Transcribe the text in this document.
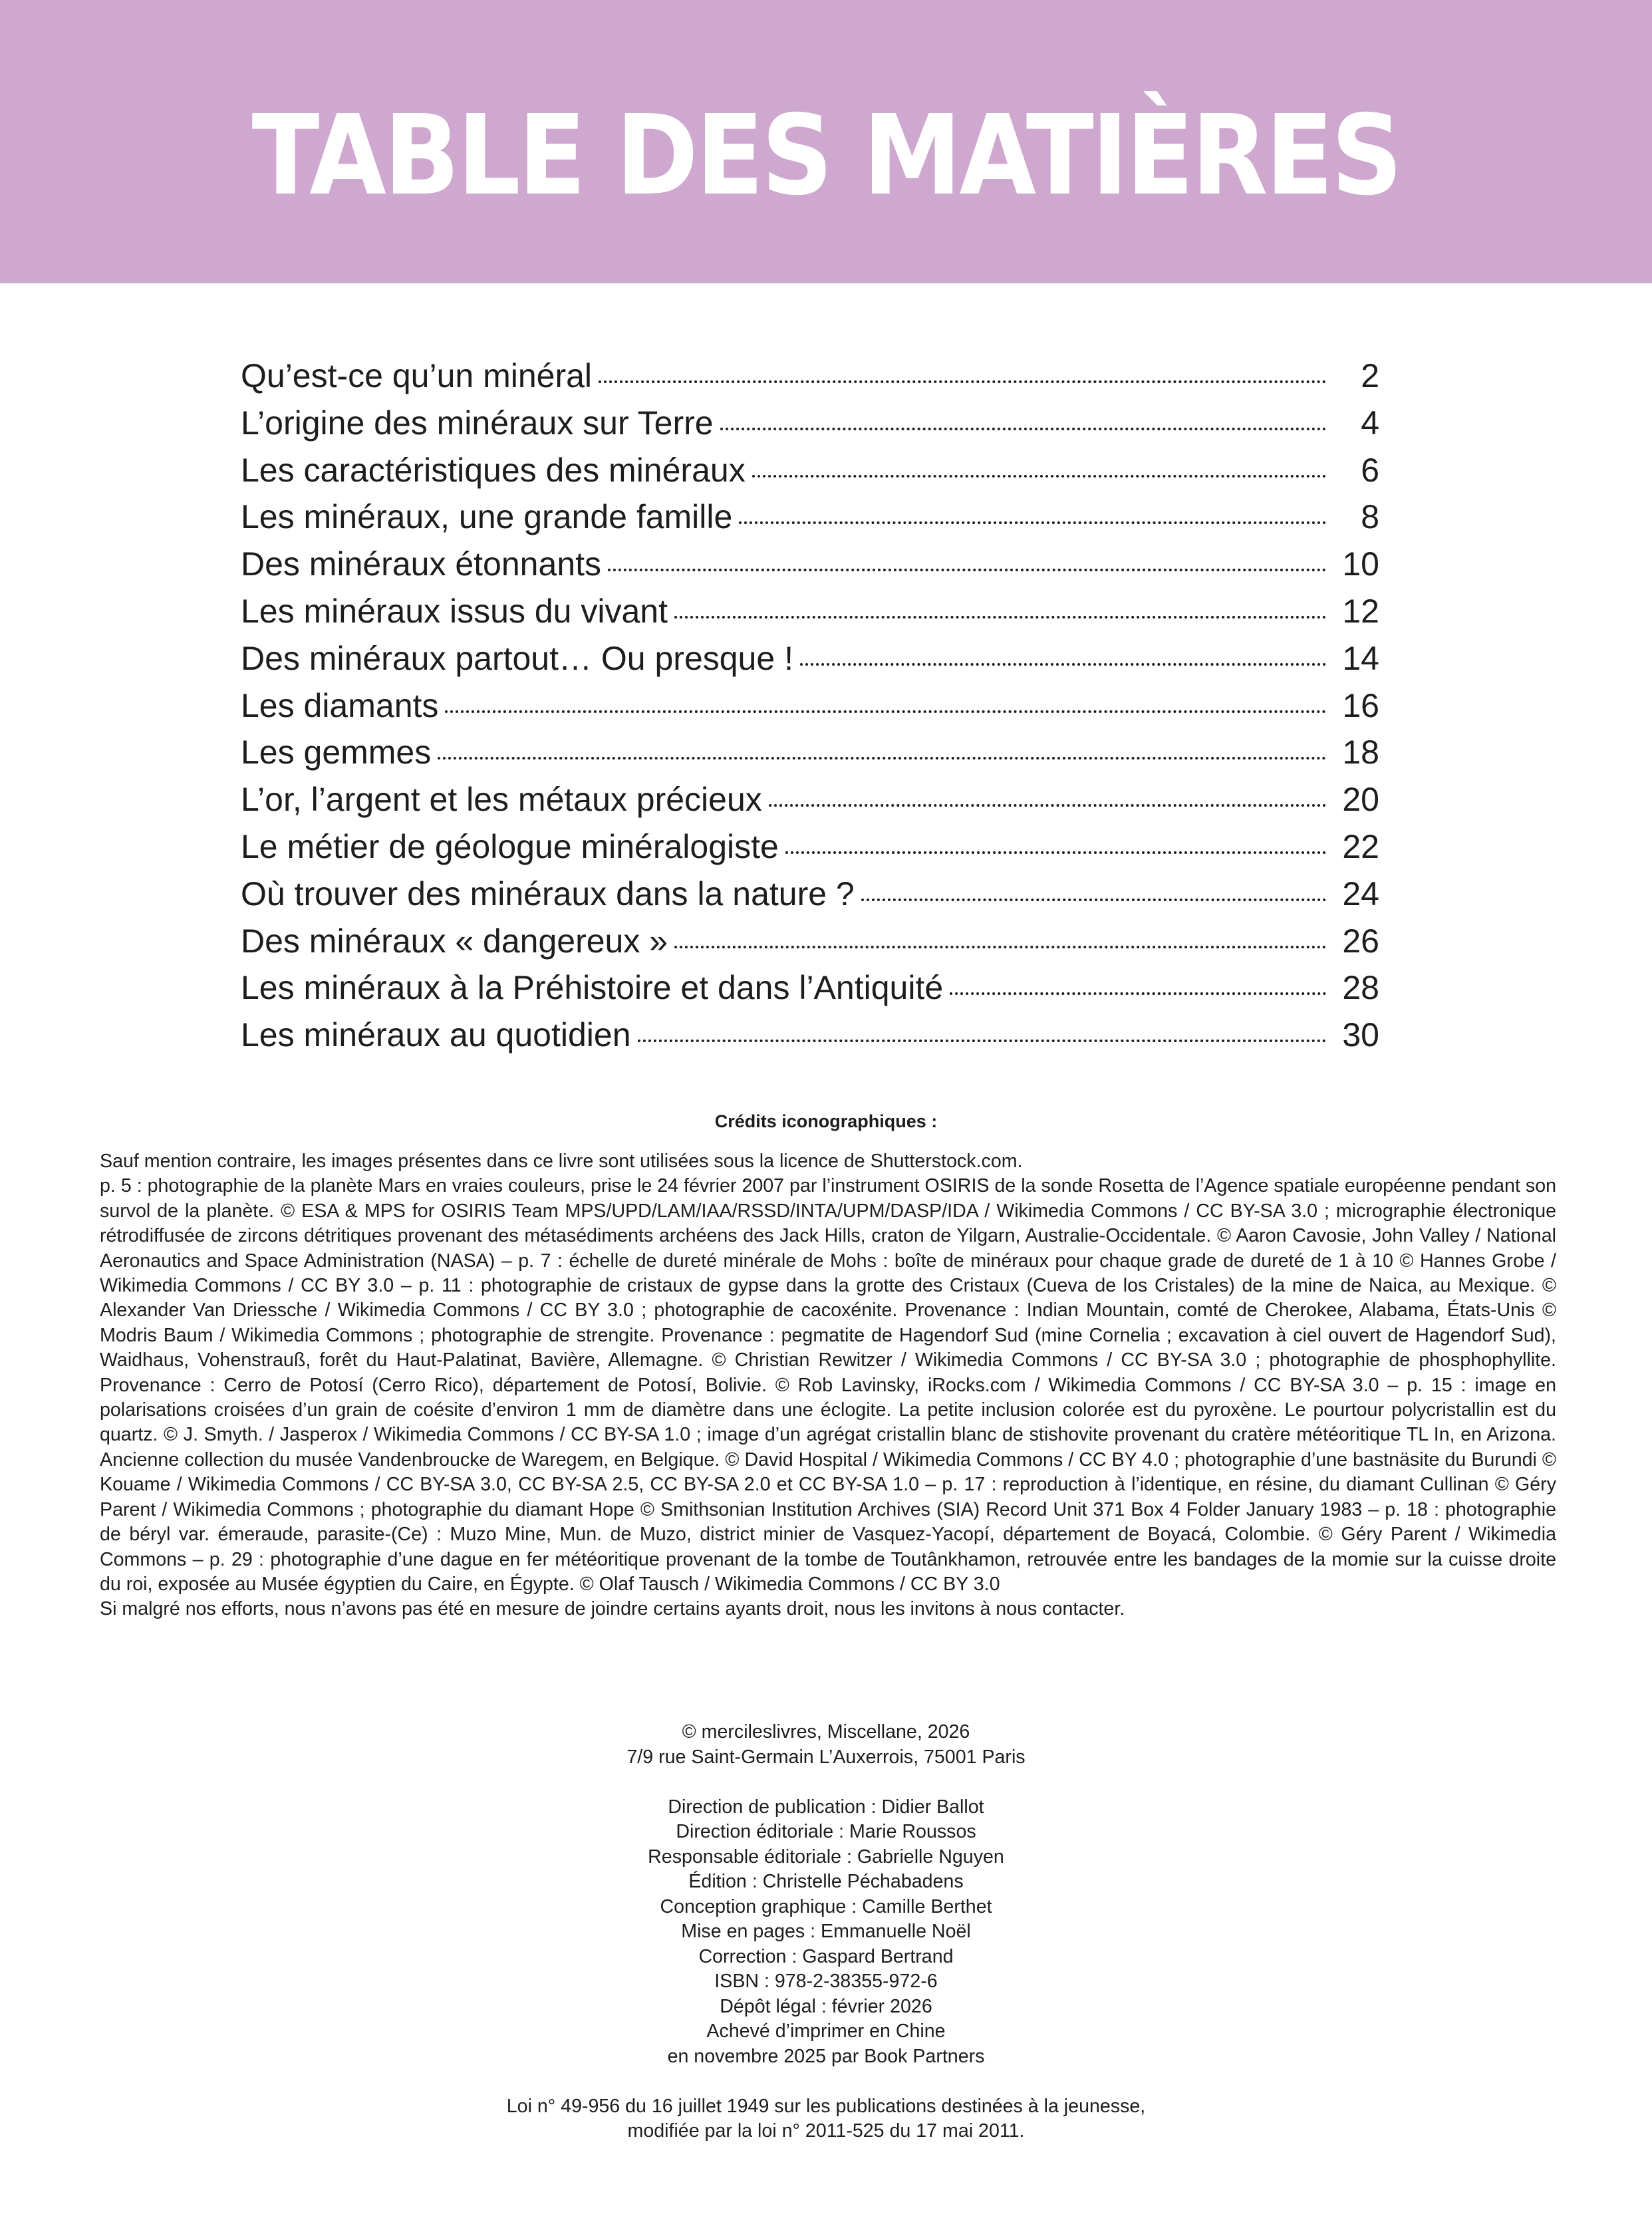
TABLE DES MATIÈRES
Qu’est-ce qu’un minéral	2
L’origine des minéraux sur Terre	4
Les caractéristiques des minéraux	6
Les minéraux, une grande famille	8
Des minéraux étonnants	10
Les minéraux issus du vivant	12
Des minéraux partout… Ou presque !	14
Les diamants	16
Les gemmes	18
L’or, l’argent et les métaux précieux	20
Le métier de géologue minéralogiste	22
Où trouver des minéraux dans la nature ?	24
Des minéraux « dangereux »	26
Les minéraux à la Préhistoire et dans l’Antiquité	28
Les minéraux au quotidien	30
Crédits iconographiques :

Sauf mention contraire, les images présentes dans ce livre sont utilisées sous la licence de Shutterstock.com.

p. 5 : photographie de la planète Mars en vraies couleurs, prise le 24 février 2007 par l’instrument OSIRIS de la sonde Rosetta de l’Agence spatiale européenne pendant son survol de la planète. © ESA & MPS for OSIRIS Team MPS/UPD/LAM/IAA/RSSD/INTA/UPM/DASP/IDA / Wikimedia Commons / CC BY-SA 3.0 ; micrographie électronique rétrodiffusée de zircons détritiques provenant des métasédiments archéens des Jack Hills, craton de Yilgarn, Australie-Occidentale. © Aaron Cavosie, John Valley / National Aeronautics and Space Administration (NASA) – p. 7 : échelle de dureté minérale de Mohs : boîte de minéraux pour chaque grade de dureté de 1 à 10 © Hannes Grobe / Wikimedia Commons / CC BY 3.0 – p. 11 : photographie de cristaux de gypse dans la grotte des Cristaux (Cueva de los Cristales) de la mine de Naica, au Mexique. © Alexander Van Driessche / Wikimedia Commons / CC BY 3.0 ; photographie de cacoxénite. Provenance : Indian Mountain, comté de Cherokee, Alabama, États-Unis © Modris Baum / Wikimedia Commons ; photographie de strengite. Provenance : pegmatite de Hagendorf Sud (mine Cornelia ; excavation à ciel ouvert de Hagendorf Sud), Waidhaus, Vohenstrauß, forêt du Haut-Palatinat, Bavière, Allemagne. © Christian Rewitzer / Wikimedia Commons / CC BY-SA 3.0 ; photographie de phosphophyllite. Provenance : Cerro de Potosí (Cerro Rico), département de Potosí, Bolivie. © Rob Lavinsky, iRocks.com / Wikimedia Commons / CC BY-SA 3.0 – p. 15 : image en polarisations croisées d’un grain de coésite d’environ 1 mm de diamètre dans une éclogite. La petite inclusion colorée est du pyroxène. Le pourtour polycristallin est du quartz. © J. Smyth. / Jasperox / Wikimedia Commons / CC BY-SA 1.0 ; image d’un agrégat cristallin blanc de stishovite provenant du cratère météoritique TL In, en Arizona. Ancienne collection du musée Vandenbroucke de Waregem, en Belgique. © David Hospital / Wikimedia Commons / CC BY 4.0 ; photographie d’une bastnäsite du Burundi © Kouame / Wikimedia Commons / CC BY-SA 3.0, CC BY-SA 2.5, CC BY-SA 2.0 et CC BY-SA 1.0 – p. 17 : reproduction à l’identique, en résine, du diamant Cullinan © Géry Parent / Wikimedia Commons ; photographie du diamant Hope © Smithsonian Institution Archives (SIA) Record Unit 371 Box 4 Folder January 1983 – p. 18 : photographie de béryl var. émeraude, parasite-(Ce) : Muzo Mine, Mun. de Muzo, district minier de Vasquez-Yacopí, département de Boyacá, Colombie. © Géry Parent / Wikimedia Commons – p. 29 : photographie d’une dague en fer météoritique provenant de la tombe de Toutânkhamon, retrouvée entre les bandages de la momie sur la cuisse droite du roi, exposée au Musée égyptien du Caire, en Égypte. © Olaf Tausch / Wikimedia Commons / CC BY 3.0

Si malgré nos efforts, nous n’avons pas été en mesure de joindre certains ayants droit, nous les invitons à nous contacter.

© mercileslivres, Miscellane, 2026
7/9 rue Saint-Germain L’Auxerrois, 75001 Paris
Direction de publication : Didier Ballot
Direction éditoriale : Marie Roussos
Responsable éditoriale : Gabrielle Nguyen
Édition : Christelle Péchabadens
Conception graphique : Camille Berthet
Mise en pages : Emmanuelle Noël
Correction : Gaspard Bertrand
ISBN : 978-2-38355-972-6
Dépôt légal : février 2026
Achevé d’imprimer en Chine
en novembre 2025 par Book Partners
Loi n° 49-956 du 16 juillet 1949 sur les publications destinées à la jeunesse,
modifiée par la loi n° 2011-525 du 17 mai 2011.
